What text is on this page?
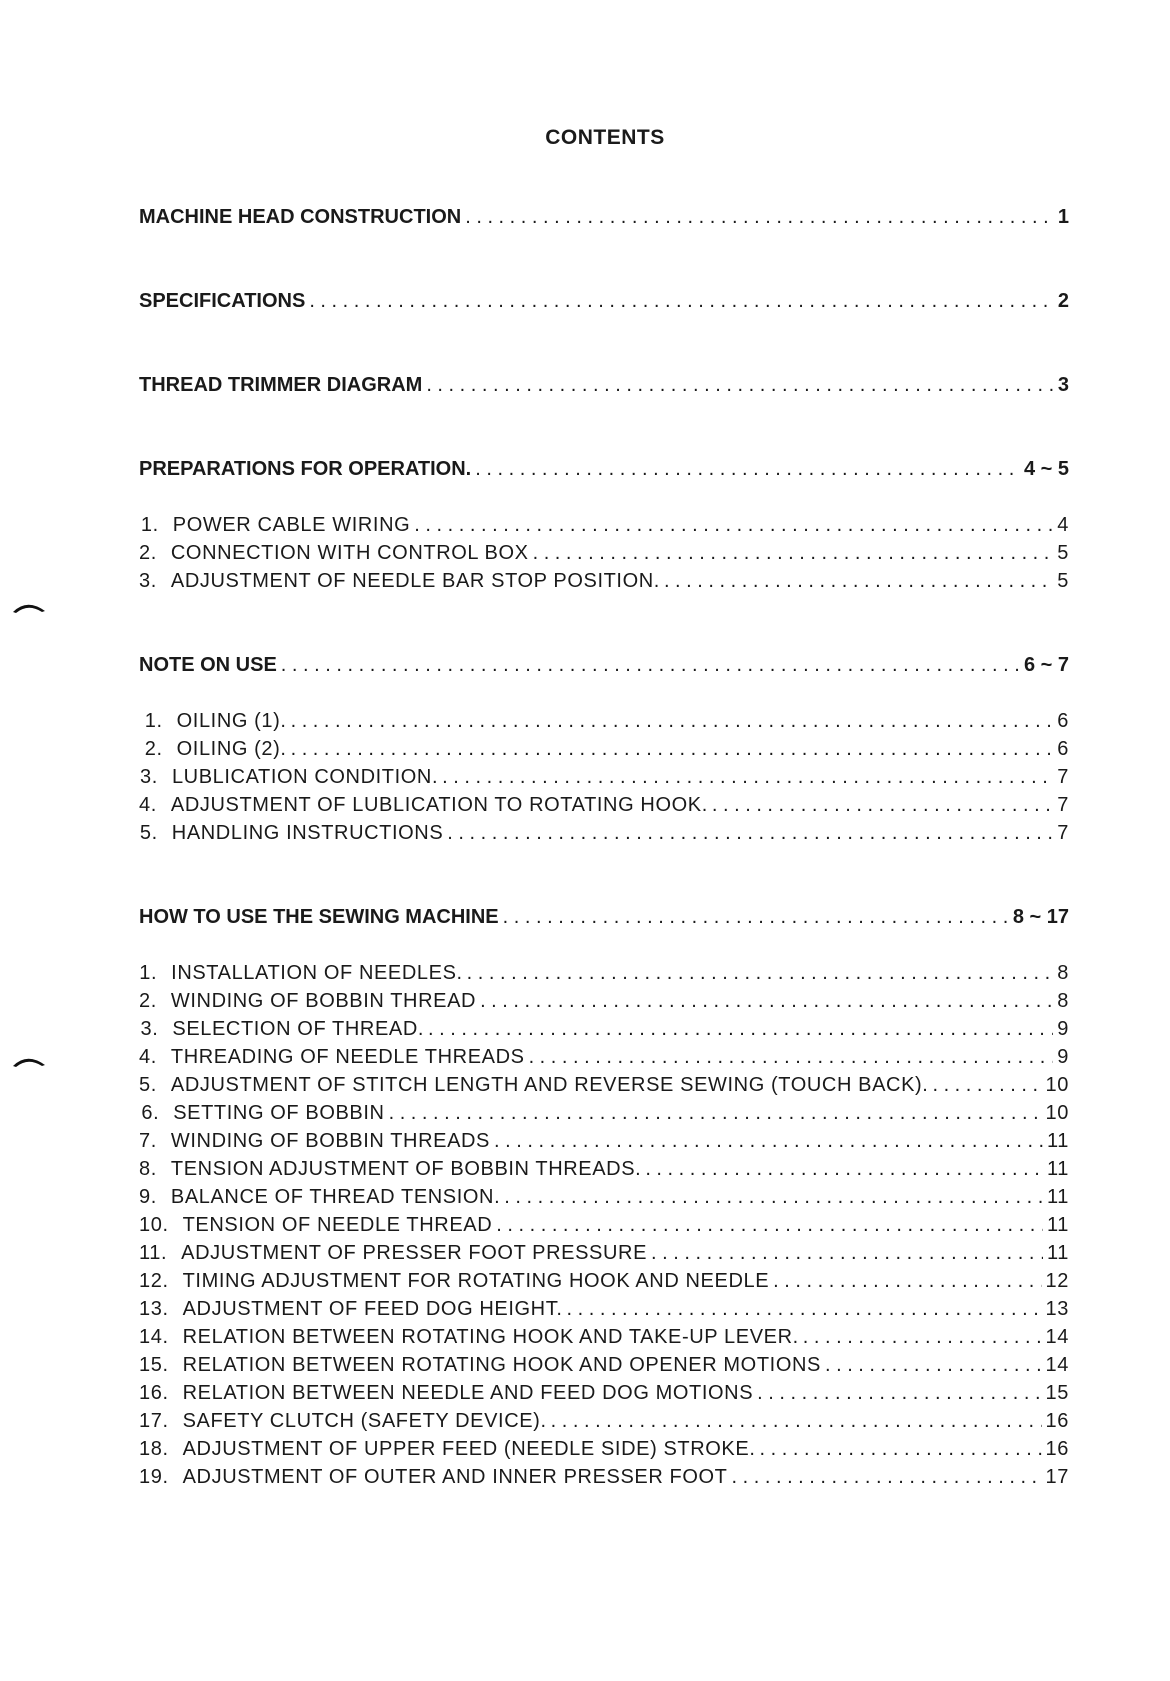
CONTENTS
MACHINE HEAD CONSTRUCTION . . .	1
SPECIFICATIONS . . .	2
THREAD TRIMMER DIAGRAM . . .	3
PREPARATIONS FOR OPERATION. . . .	4 ~ 5
1. POWER CABLE WIRING . . .	4
2. CONNECTION WITH CONTROL BOX . . .	5
3. ADJUSTMENT OF NEEDLE BAR STOP POSITION. . . .	5
NOTE ON USE . . .	6 ~ 7
1. OILING (1). . . .	6
2. OILING (2). . . .	6
3. LUBLICATION CONDITION. . . .	7
4. ADJUSTMENT OF LUBLICATION TO ROTATING HOOK. . . .	7
5. HANDLING INSTRUCTIONS . . .	7
HOW TO USE THE SEWING MACHINE . . .	8 ~ 17
1. INSTALLATION OF NEEDLES. . . .	8
2. WINDING OF BOBBIN THREAD . . .	8
3. SELECTION OF THREAD. . . .	9
4. THREADING OF NEEDLE THREADS . . .	9
5. ADJUSTMENT OF STITCH LENGTH AND REVERSE SEWING (TOUCH BACK). . . .	10
6. SETTING OF BOBBIN . . .	10
7. WINDING OF BOBBIN THREADS . . .	11
8. TENSION ADJUSTMENT OF BOBBIN THREADS. . . .	11
9. BALANCE OF THREAD TENSION. . . .	11
10. TENSION OF NEEDLE THREAD . . .	11
11. ADJUSTMENT OF PRESSER FOOT PRESSURE . . .	11
12. TIMING ADJUSTMENT FOR ROTATING HOOK AND NEEDLE . . .	12
13. ADJUSTMENT OF FEED DOG HEIGHT. . . .	13
14. RELATION BETWEEN ROTATING HOOK AND TAKE-UP LEVER. . . .	14
15. RELATION BETWEEN ROTATING HOOK AND OPENER MOTIONS . . .	14
16. RELATION BETWEEN NEEDLE AND FEED DOG MOTIONS . . .	15
17. SAFETY CLUTCH (SAFETY DEVICE). . . .	16
18. ADJUSTMENT OF UPPER FEED (NEEDLE SIDE) STROKE. . . .	16
19. ADJUSTMENT OF OUTER AND INNER PRESSER FOOT . . .	17
